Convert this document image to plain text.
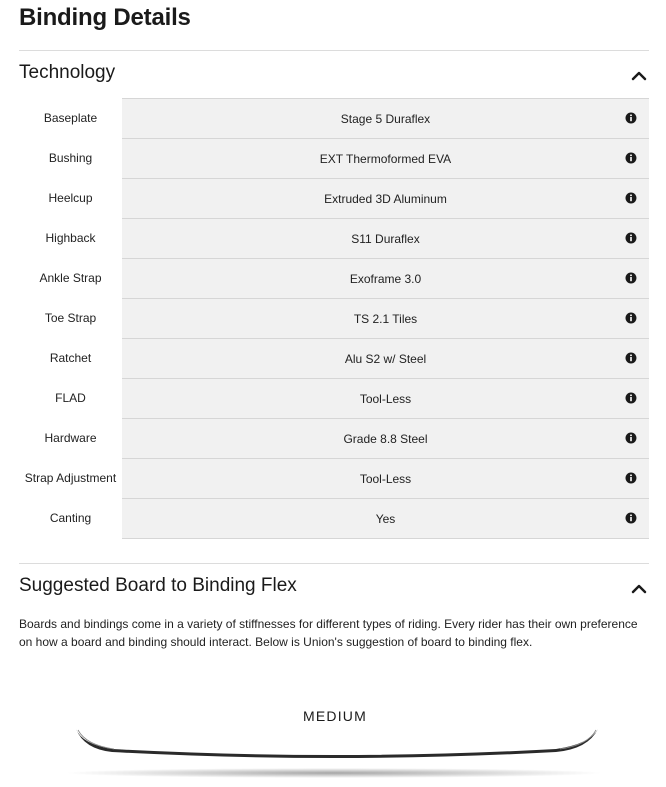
Binding Details
Technology
Baseplate	Stage 5 Duraflex
Bushing	EXT Thermoformed EVA
Heelcup	Extruded 3D Aluminum
Highback	S11 Duraflex
Ankle Strap	Exoframe 3.0
Toe Strap	TS 2.1 Tiles
Ratchet	Alu S2 w/ Steel
FLAD	Tool-Less
Hardware	Grade 8.8 Steel
Strap Adjustment	Tool-Less
Canting	Yes
Suggested Board to Binding Flex

Boards and bindings come in a variety of stiffnesses for different types of riding. Every rider has their own preference on how a board and binding should interact. Below is Union's suggestion of board to binding flex.

MEDIUM
